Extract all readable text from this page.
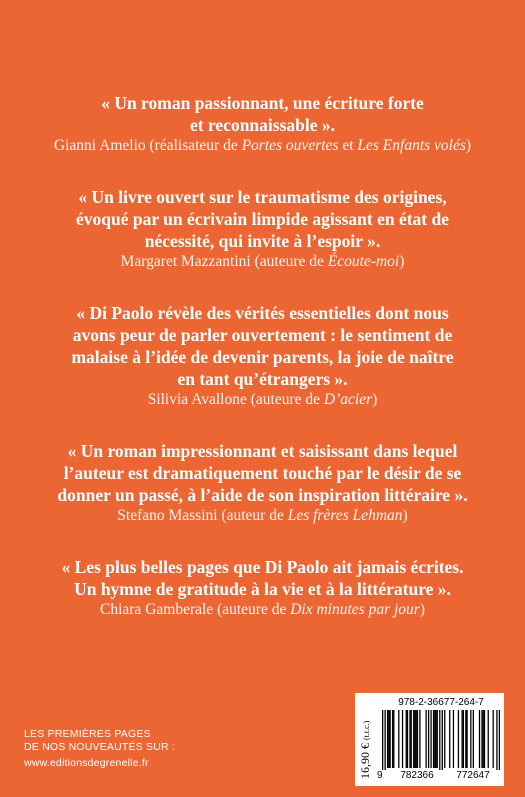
« Un roman passionnant, une écriture forte
et reconnaissable ».
Gianni Amelio (réalisateur de Portes ouvertes et Les Enfants volés)
« Un livre ouvert sur le traumatisme des origines,
évoqué par un écrivain limpide agissant en état de
nécessité, qui invite à l’espoir ».
Margaret Mazzantini (auteure de Écoute-moi)
« Di Paolo révèle des vérités essentielles dont nous
avons peur de parler ouvertement : le sentiment de
malaise à l’idée de devenir parents, la joie de naître
en tant qu’étrangers ».
Silivia Avallone (auteure de D’acier)
« Un roman impressionnant et saisissant dans lequel
l’auteur est dramatiquement touché par le désir de se
donner un passé, à l’aide de son inspiration littéraire ».
Stefano Massini (auteur de Les frères Lehman)
« Les plus belles pages que Di Paolo ait jamais écrites.
Un hymne de gratitude à la vie et à la littérature ».
Chiara Gamberale (auteure de Dix minutes par jour)
LES PREMIÈRES PAGES
DE NOS NOUVEAUTÉS SUR :
www.editionsdegrenelle.fr
978-2-36677-264-7
16,90 € (t.t.c.)
9	782366	772647
